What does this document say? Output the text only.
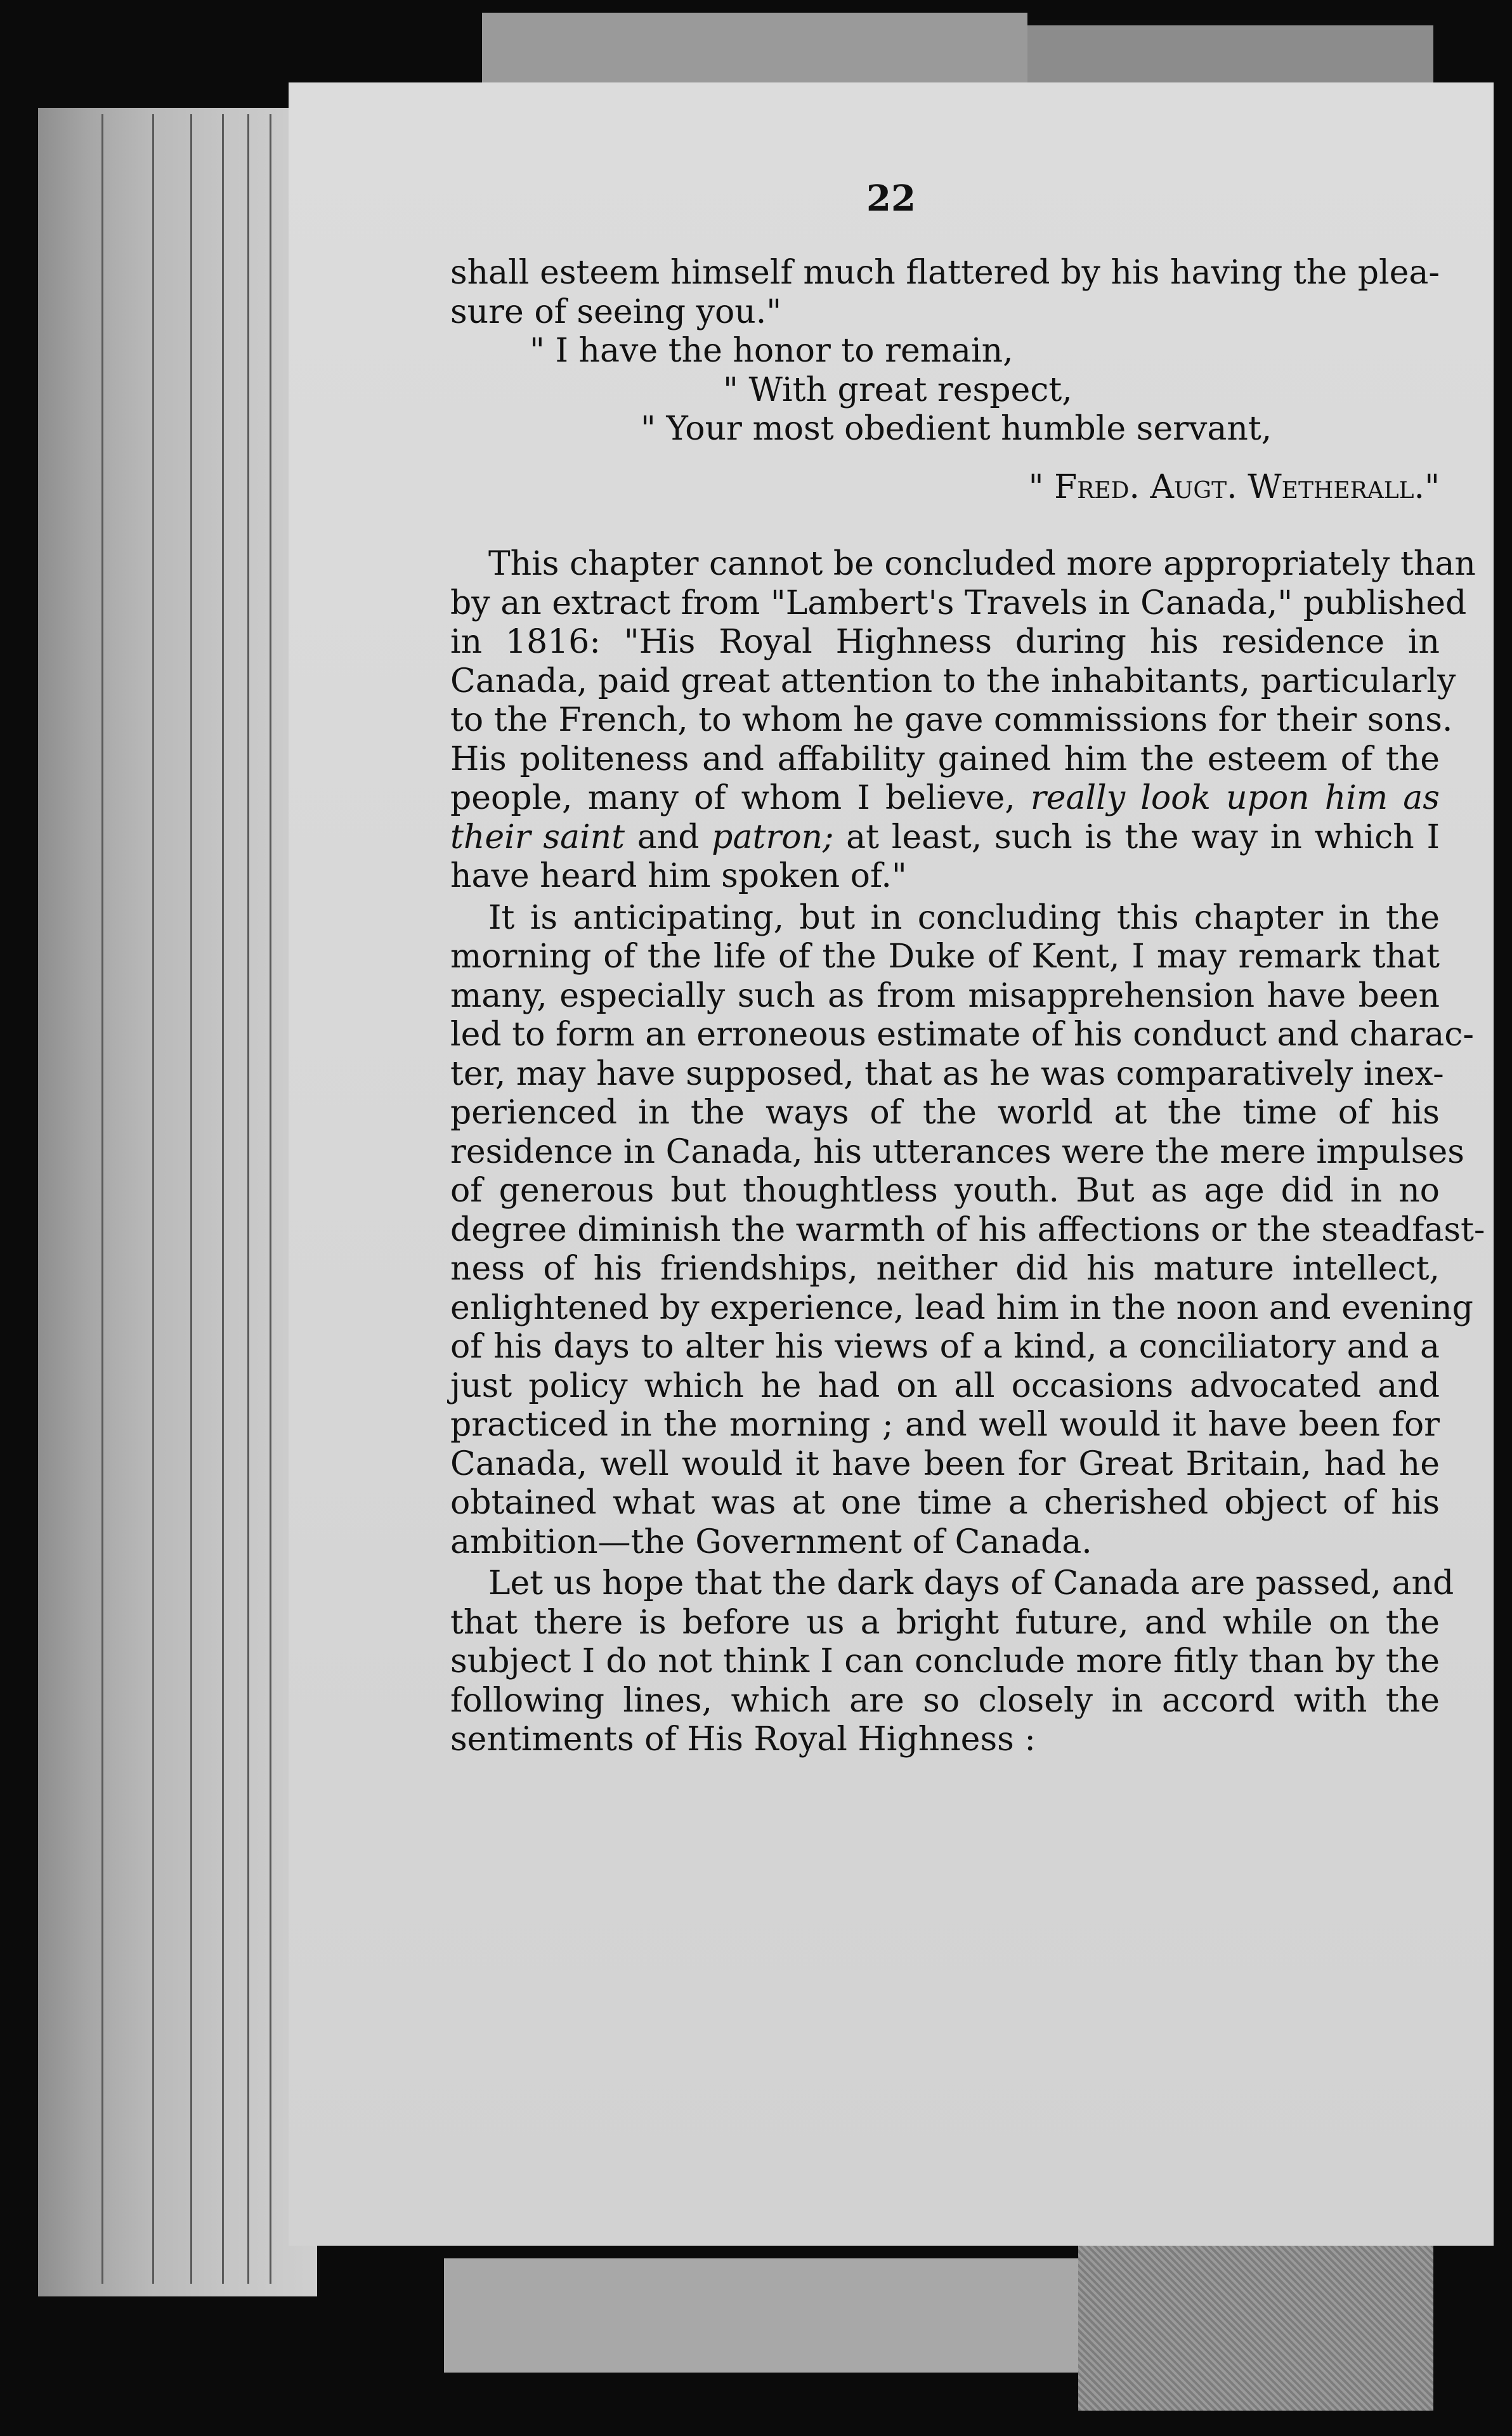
22
shall esteem himself much flattered by his having the plea-
sure of seeing you."
" I have the honor to remain,
" With great respect,
" Your most obedient humble servant,
" Fred. Augt. Wetherall."
This chapter cannot be concluded more appropriately than
by an extract from "Lambert's Travels in Canada," published
in 1816: "His Royal Highness during his residence in
Canada, paid great attention to the inhabitants, particularly
to the French, to whom he gave commissions for their sons.
His politeness and affability gained him the esteem of the
people, many of whom I believe, really look upon him as
their saint and patron; at least, such is the way in which I
have heard him spoken of."
It is anticipating, but in concluding this chapter in the
morning of the life of the Duke of Kent, I may remark that
many, especially such as from misapprehension have been
led to form an erroneous estimate of his conduct and charac-
ter, may have supposed, that as he was comparatively inex-
perienced in the ways of the world at the time of his
residence in Canada, his utterances were the mere impulses
of generous but thoughtless youth. But as age did in no
degree diminish the warmth of his affections or the steadfast-
ness of his friendships, neither did his mature intellect,
enlightened by experience, lead him in the noon and evening
of his days to alter his views of a kind, a conciliatory and a
just policy which he had on all occasions advocated and
practiced in the morning ; and well would it have been for
Canada, well would it have been for Great Britain, had he
obtained what was at one time a cherished object of his
ambition—the Government of Canada.
Let us hope that the dark days of Canada are passed, and
that there is before us a bright future, and while on the
subject I do not think I can conclude more fitly than by the
following lines, which are so closely in accord with the
sentiments of His Royal Highness :
